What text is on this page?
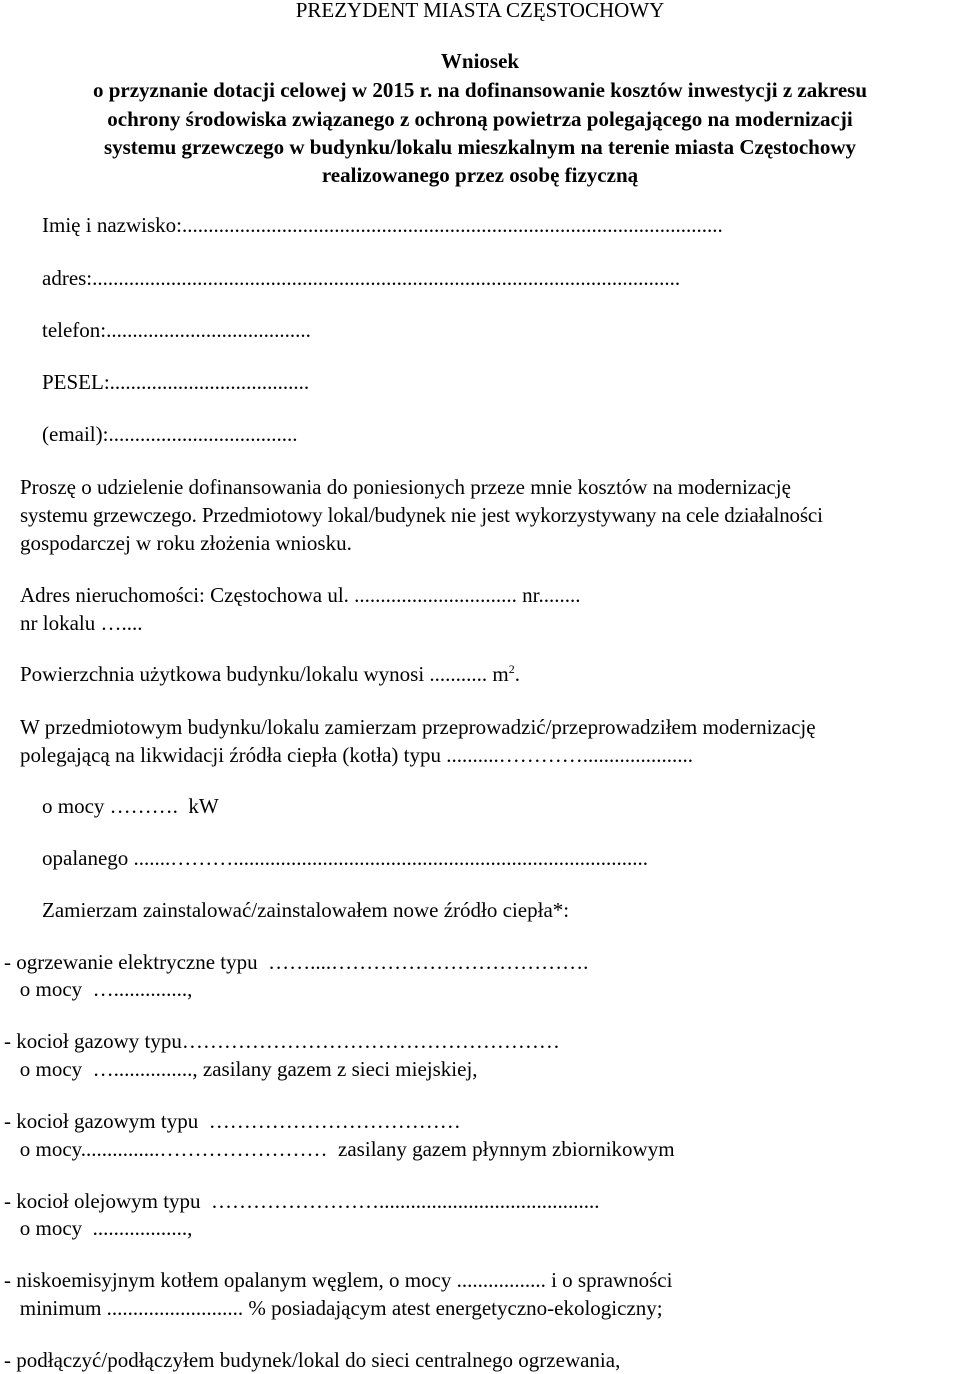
PREZYDENT MIASTA CZĘSTOCHOWY
Wniosek
o przyznanie dotacji celowej w 2015 r. na dofinansowanie kosztów inwestycji z zakresu
ochrony środowiska związanego z ochroną powietrza polegającego na modernizacji
systemu grzewczego w budynku/lokalu mieszkalnym na terenie miasta Częstochowy
realizowanego przez osobę fizyczną
Imię i nazwisko:.......................................................................................................
adres:................................................................................................................
telefon:.......................................
PESEL:......................................
(email):....................................
Proszę o udzielenie dofinansowania do poniesionych przeze mnie kosztów na modernizację
systemu grzewczego. Przedmiotowy lokal/budynek nie jest wykorzystywany na cele działalności
gospodarczej w roku złożenia wniosku.
Adres nieruchomości: Częstochowa ul. ............................... nr........
nr lokalu …....
Powierzchnia użytkowa budynku/lokalu wynosi ........... $m^2$.
W przedmiotowym budynku/lokalu zamierzam przeprowadzić/przeprowadziłem modernizację
polegającą na likwidacji źródła ciepła (kotła) typu ..........………….....................
o mocy ……….  kW
opalanego .......………...............................................................................
Zamierzam zainstalować/zainstalowałem nowe źródło ciepła*:
- ogrzewanie elektryczne typu  ……....……………………………….
o mocy  …..............,
- kocioł gazowy typu………………………………………………
o mocy  …..............., zasilany gazem z sieci miejskiej,
- kocioł gazowym typu  ………………………………
o mocy...............……………………  zasilany gazem płynnym zbiornikowym
- kocioł olejowym typu  ……………………..........................................
o mocy  ..................,
- niskoemisyjnym kotłem opalanym węglem, o mocy ................. i o sprawności
minimum .......................... % posiadającym atest energetyczno-ekologiczny;
- podłączyć/podłączyłem budynek/lokal do sieci centralnego ogrzewania,
